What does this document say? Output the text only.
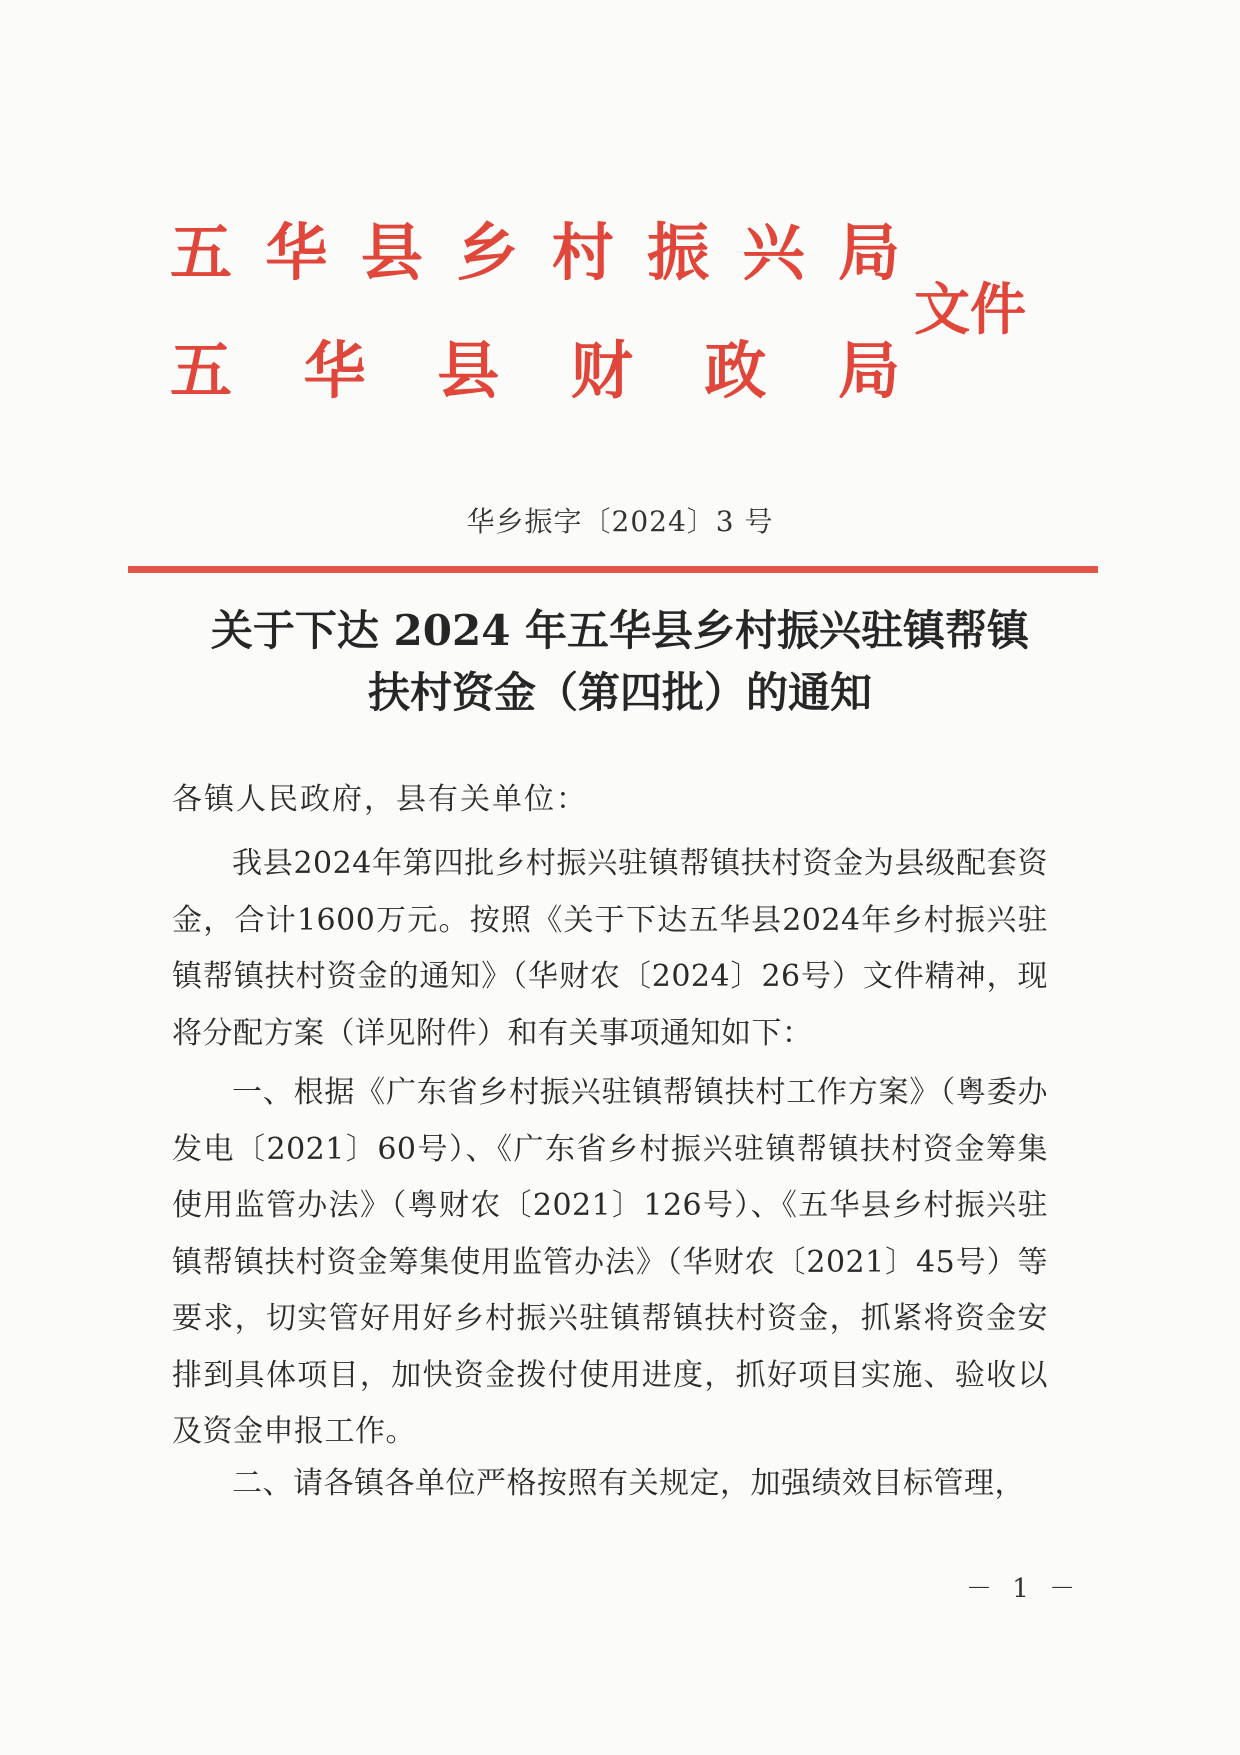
五 华 县 乡 村 振 兴 局
五 华 县 财 政 局
文件
华乡振字〔2024〕3 号
关于下达 2024 年五华县乡村振兴驻镇帮镇
扶村资金（第四批）的通知
各镇人民政府，县有关单位：

我县2024年第四批乡村振兴驻镇帮镇扶村资金为县级配套资金，合计1600万元。按照《关于下达五华县2024年乡村振兴驻镇帮镇扶村资金的通知》（华财农〔2024〕26号）文件精神，现将分配方案（详见附件）和有关事项通知如下：

一、根据《广东省乡村振兴驻镇帮镇扶村工作方案》（粤委办发电〔2021〕60号）、《广东省乡村振兴驻镇帮镇扶村资金筹集使用监管办法》（粤财农〔2021〕126号）、《五华县乡村振兴驻镇帮镇扶村资金筹集使用监管办法》（华财农〔2021〕45号）等要求，切实管好用好乡村振兴驻镇帮镇扶村资金，抓紧将资金安排到具体项目，加快资金拨付使用进度，抓好项目实施、验收以及资金申报工作。

二、请各镇各单位严格按照有关规定，加强绩效目标管理，

－ 1 －
